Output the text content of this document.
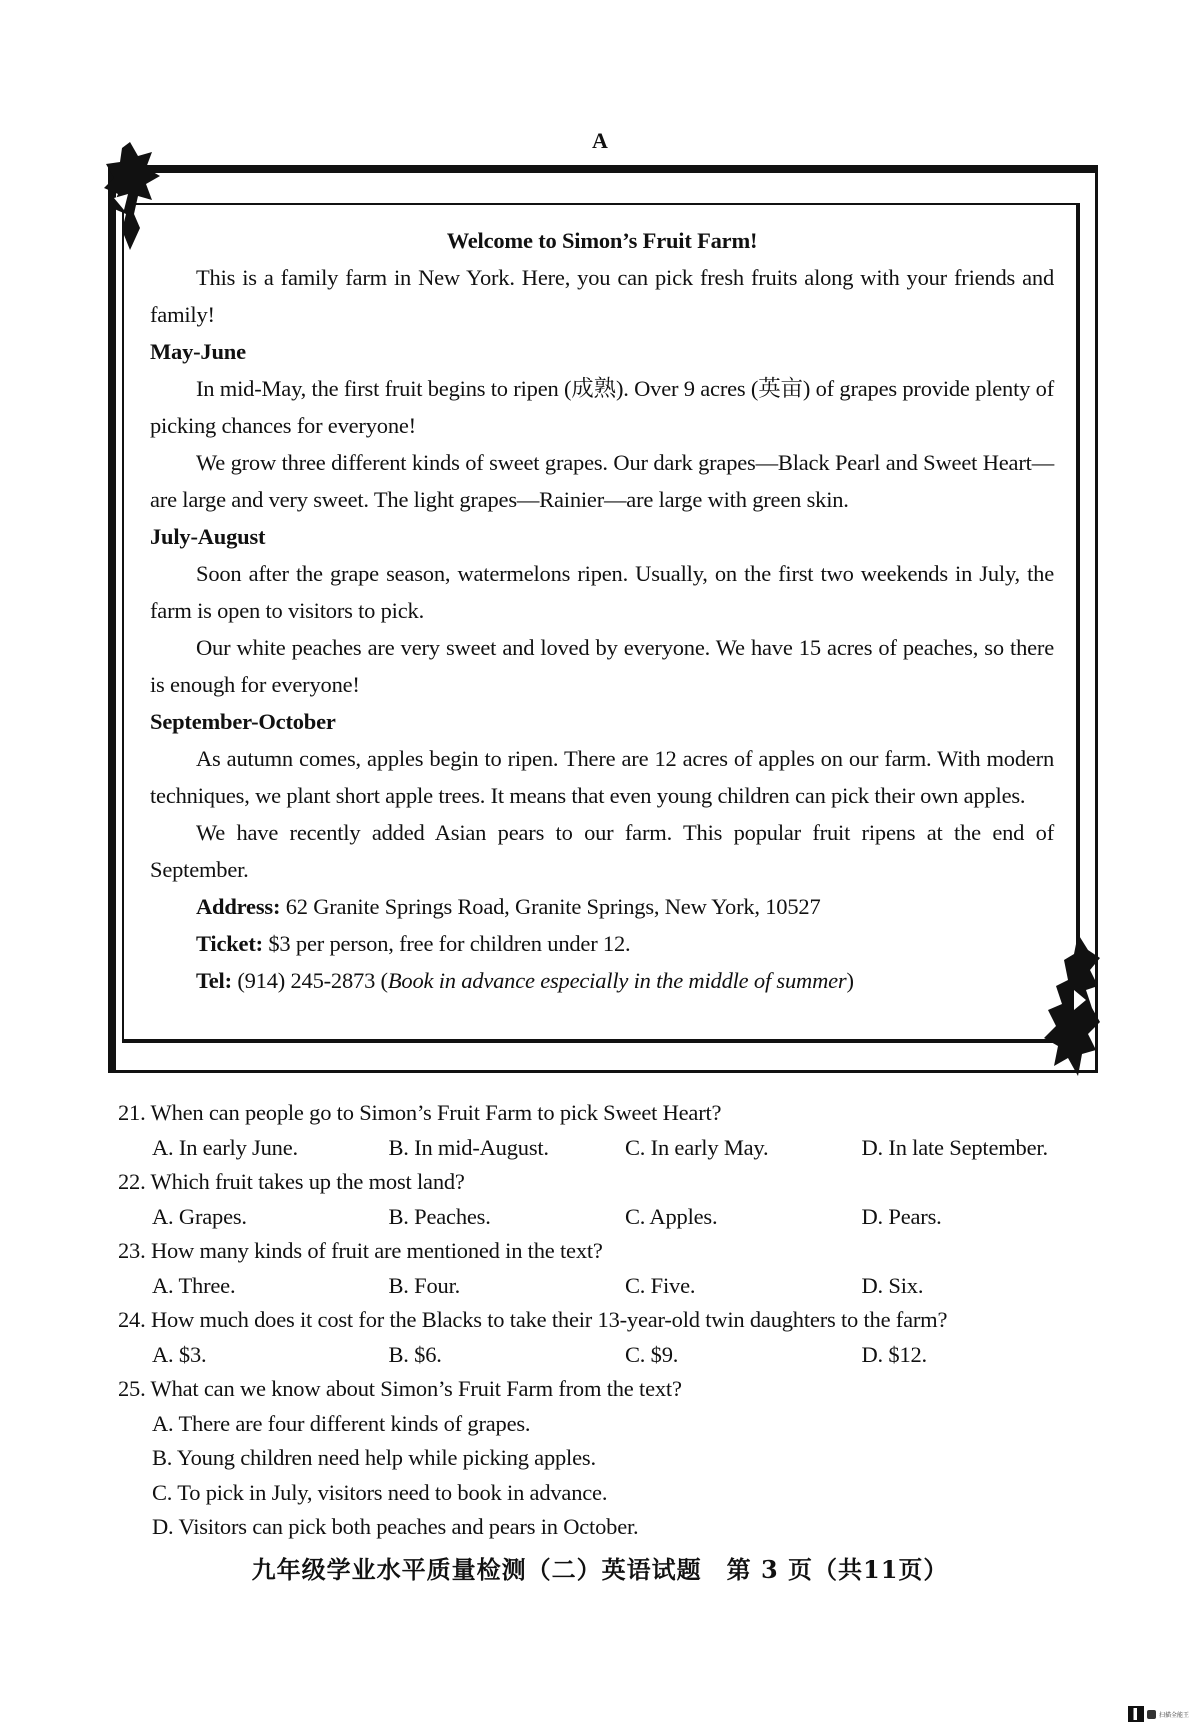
A

Welcome to Simon’s Fruit Farm!

This is a family farm in New York. Here, you can pick fresh fruits along with your friends and family!

May-June

In mid-May, the first fruit begins to ripen (成熟). Over 9 acres (英亩) of grapes provide plenty of picking chances for everyone!

We grow three different kinds of sweet grapes. Our dark grapes—Black Pearl and Sweet Heart—are large and very sweet. The light grapes—Rainier—are large with green skin.

July-August

Soon after the grape season, watermelons ripen. Usually, on the first two weekends in July, the farm is open to visitors to pick.

Our white peaches are very sweet and loved by everyone. We have 15 acres of peaches, so there is enough for everyone!

September-October

As autumn comes, apples begin to ripen. There are 12 acres of apples on our farm. With modern techniques, we plant short apple trees. It means that even young children can pick their own apples.

We have recently added Asian pears to our farm. This popular fruit ripens at the end of September.

Address: 62 Granite Springs Road, Granite Springs, New York, 10527

Ticket: $3 per person, free for children under 12.

Tel: (914) 245-2873 (Book in advance especially in the middle of summer)

21. When can people go to Simon’s Fruit Farm to pick Sweet Heart?
A. In early June.	B. In mid-August.	C. In early May.	D. In late September.
22. Which fruit takes up the most land?
A. Grapes.	B. Peaches.	C. Apples.	D. Pears.
23. How many kinds of fruit are mentioned in the text?
A. Three.	B. Four.	C. Five.	D. Six.
24. How much does it cost for the Blacks to take their 13-year-old twin daughters to the farm?
A. $3.	B. $6.	C. $9.	D. $12.
25. What can we know about Simon’s Fruit Farm from the text?
A. There are four different kinds of grapes.
B. Young children need help while picking apples.
C. To pick in July, visitors need to book in advance.
D. Visitors can pick both peaches and pears in October.
九年级学业水平质量检测（二）英语试题　第 3 页（共11页）
扫描全能王
